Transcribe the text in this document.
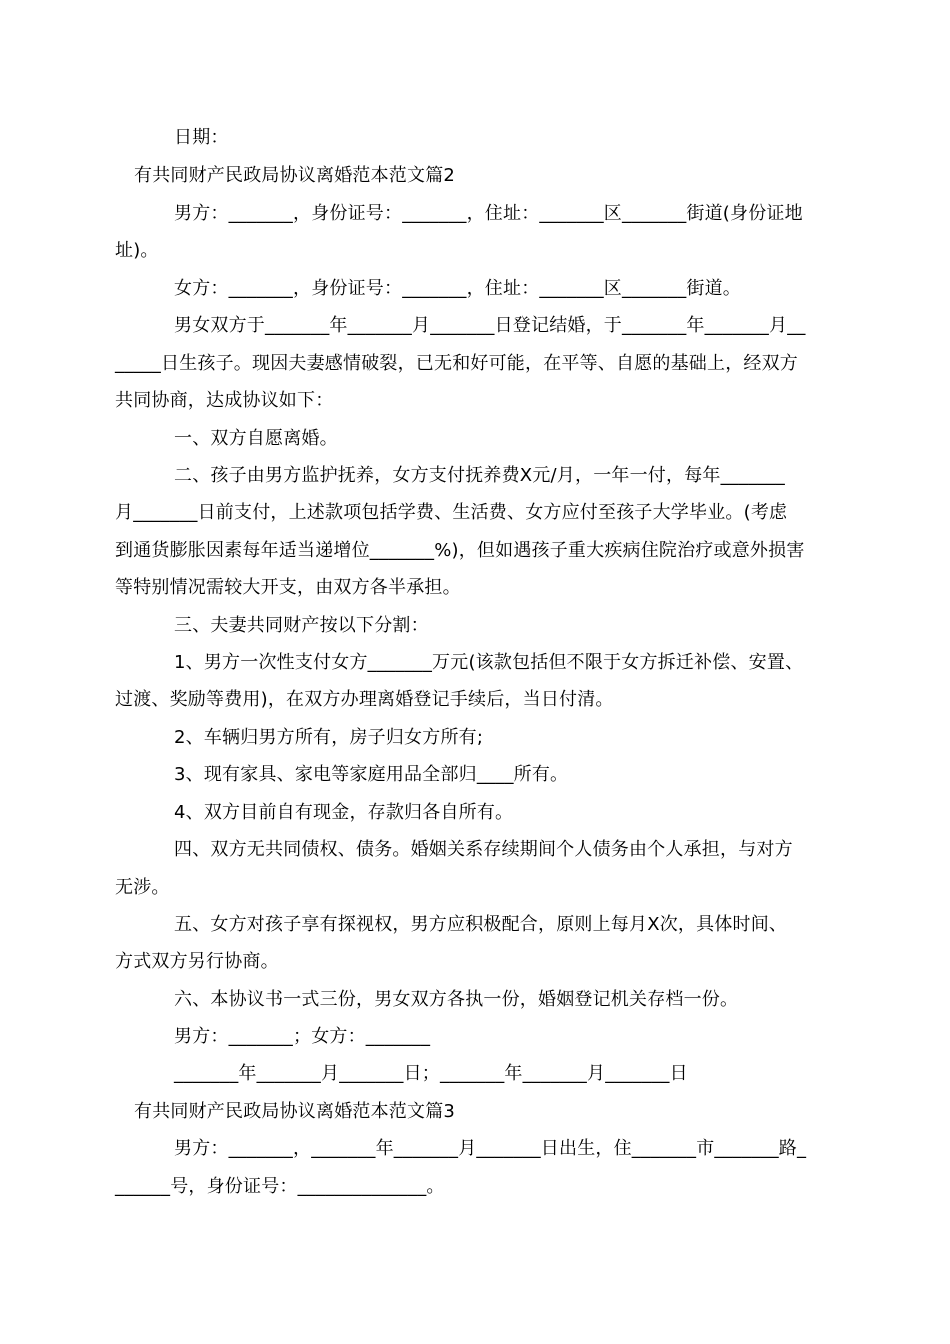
日期：
有共同财产民政局协议离婚范本范文篇2
男方：_______，身份证号：_______，住址：_______区_______街道(身份证地
址)。
女方：_______，身份证号：_______，住址：_______区_______街道。
男女双方于_______年_______月_______日登记结婚，于_______年_______月__
_____日生孩子。现因夫妻感情破裂，已无和好可能，在平等、自愿的基础上，经双方
共同协商，达成协议如下：
一、双方自愿离婚。
二、孩子由男方监护抚养，女方支付抚养费X元/月，一年一付，每年_______
月_______日前支付，上述款项包括学费、生活费、女方应付至孩子大学毕业。(考虑
到通货膨胀因素每年适当递增位_______%)，但如遇孩子重大疾病住院治疗或意外损害
等特别情况需较大开支，由双方各半承担。
三、夫妻共同财产按以下分割：
1、男方一次性支付女方_______万元(该款包括但不限于女方拆迁补偿、安置、
过渡、奖励等费用)，在双方办理离婚登记手续后，当日付清。
2、车辆归男方所有，房子归女方所有;
3、现有家具、家电等家庭用品全部归____所有。
4、双方目前自有现金，存款归各自所有。
四、双方无共同债权、债务。婚姻关系存续期间个人债务由个人承担，与对方
无涉。
五、女方对孩子享有探视权，男方应积极配合，原则上每月X次，具体时间、
方式双方另行协商。
六、本协议书一式三份，男女双方各执一份，婚姻登记机关存档一份。
男方：_______；女方：_______
_______年_______月_______日；_______年_______月_______日
有共同财产民政局协议离婚范本范文篇3
男方：_______，_______年_______月_______日出生，住_______市_______路_
______号，身份证号：______________。
